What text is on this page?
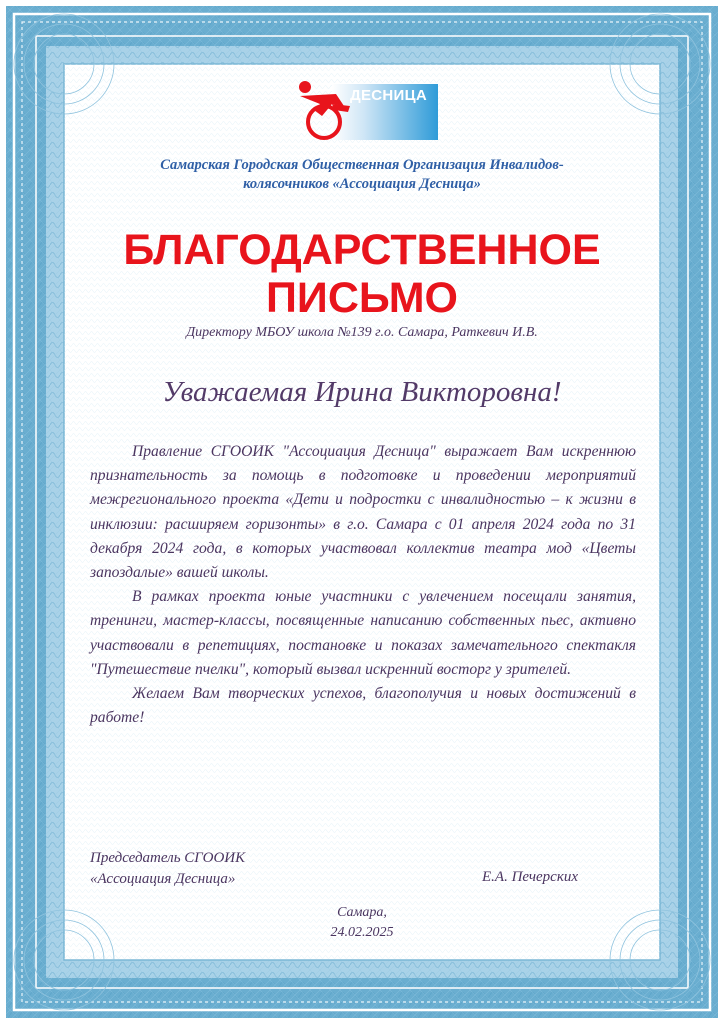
ДЕСНИЦА
Самарская Городская Общественная Организация Инвалидов-
колясочников «Ассоциация Десница»
БЛАГОДАРСТВЕННОЕ
ПИСЬМО
Директору МБОУ школа №139 г.о. Самара, Раткевич И.В.
Уважаемая Ирина Викторовна!

Правление СГООИК "Ассоциация Десница" выражает Вам искреннюю признательность за помощь в подготовке и проведении мероприятий межрегионального проекта «Дети и подростки с инвалидностью – к жизни в инклюзии: расширяем горизонты» в г.о. Самара с 01 апреля 2024 года по 31 декабря 2024 года, в которых участвовал коллектив театра мод «Цветы запоздалые» вашей школы.

В рамках проекта юные участники с увлечением посещали занятия, тренинги, мастер-классы, посвященные написанию собственных пьес, активно участвовали в репетициях, постановке и показах замечательного спектакля "Путешествие пчелки", который вызвал искренний восторг у зрителей.

Желаем Вам творческих успехов, благополучия и новых достижений в работе!

Председатель СГООИК
«Ассоциация Десница»	Е.А. Печерских
Самара,
24.02.2025
